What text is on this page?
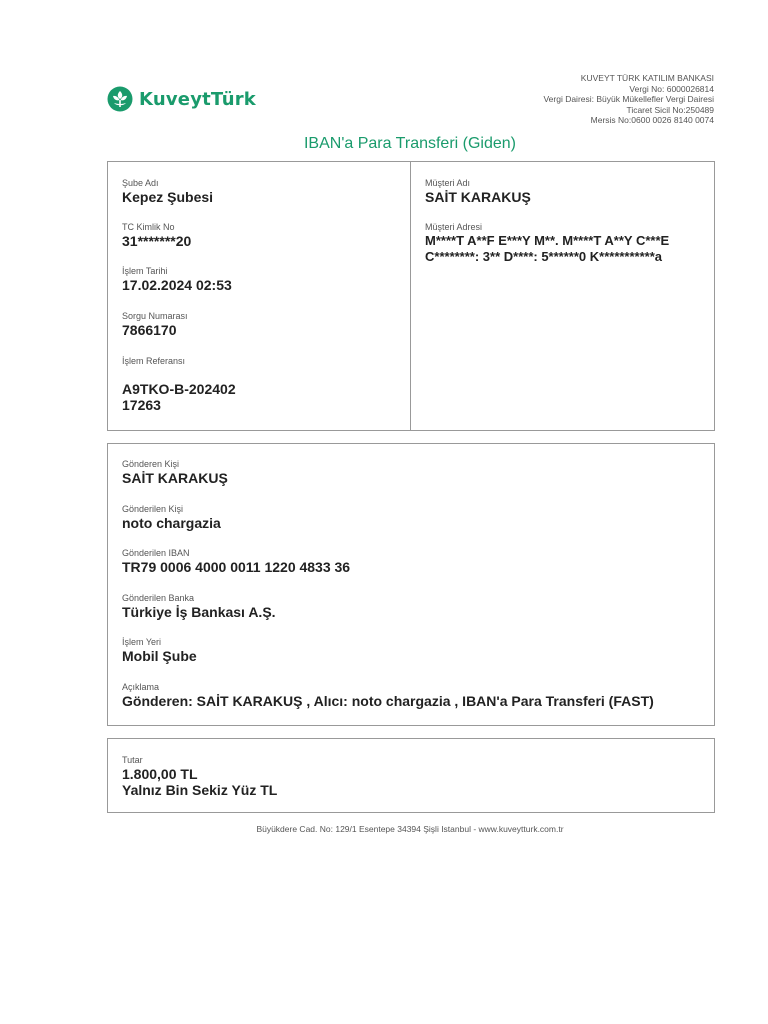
KuveytTürk
KUVEYT TÜRK KATILIM BANKASI
Vergi No: 6000026814
Vergi Dairesi: Büyük Mükellefler Vergi Dairesi
Ticaret Sicil No:250489
Mersis No:0600 0026 8140 0074
IBAN'a Para Transferi (Giden)
Şube Adı
Kepez Şubesi
TC Kimlik No
31*******20
İşlem Tarihi
17.02.2024 02:53
Sorgu Numarası
7866170
İşlem Referansı
A9TKO-B-202402
17263
Müşteri Adı
SAİT KARAKUŞ
Müşteri Adresi
M****T A**F E***Y M**. M****T A**Y C***E
C********: 3** D****: 5******0 K***********a
Gönderen Kişi
SAİT KARAKUŞ
Gönderilen Kişi
noto chargazia
Gönderilen IBAN
TR79 0006 4000 0011 1220 4833 36
Gönderilen Banka
Türkiye İş Bankası A.Ş.
İşlem Yeri
Mobil Şube
Açıklama
Gönderen: SAİT KARAKUŞ , Alıcı: noto chargazia , IBAN'a Para Transferi (FAST)
Tutar
1.800,00 TL
Yalnız Bin Sekiz Yüz TL
Büyükdere Cad. No: 129/1 Esentepe 34394 Şişli Istanbul - www.kuveytturk.com.tr
